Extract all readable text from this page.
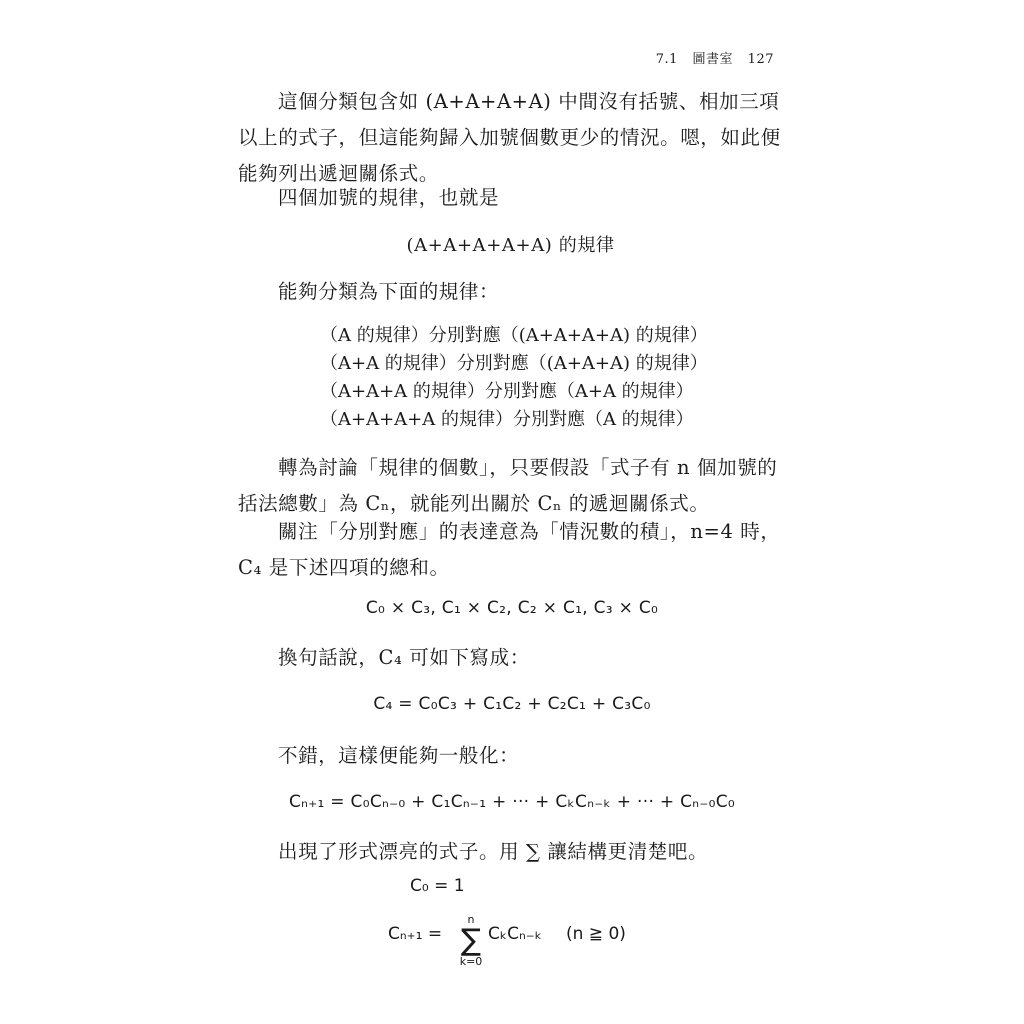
7.1 圖書室 127

這個分類包含如 (A+A+A+A) 中間沒有括號、相加三項以上的式子，但這能夠歸入加號個數更少的情況。嗯，如此便能夠列出遞迴關係式。

四個加號的規律，也就是

(A+A+A+A+A) 的規律

能夠分類為下面的規律：

（A 的規律）分別對應（(A+A+A+A) 的規律）
（A+A 的規律）分別對應（(A+A+A) 的規律）
（A+A+A 的規律）分別對應（A+A 的規律）
（A+A+A+A 的規律）分別對應（A 的規律）

轉為討論「規律的個數」，只要假設「式子有 n 個加號的括法總數」為 Cₙ，就能列出關於 Cₙ 的遞迴關係式。

關注「分別對應」的表達意為「情況數的積」，n=4 時，C₄ 是下述四項的總和。

C₀ × C₃, C₁ × C₂, C₂ × C₁, C₃ × C₀

換句話說，C₄ 可如下寫成：

C₄ = C₀C₃ + C₁C₂ + C₂C₁ + C₃C₀

不錯，這樣便能夠一般化：

Cₙ₊₁ = C₀Cₙ₋₀ + C₁Cₙ₋₁ + ··· + CₖCₙ₋ₖ + ··· + Cₙ₋₀C₀

出現了形式漂亮的式子。用 ∑ 讓結構更清楚吧。

C₀ = 1
Cₙ₊₁ =
n
∑
k=0
CₖCₙ₋ₖ (n ≧ 0)
